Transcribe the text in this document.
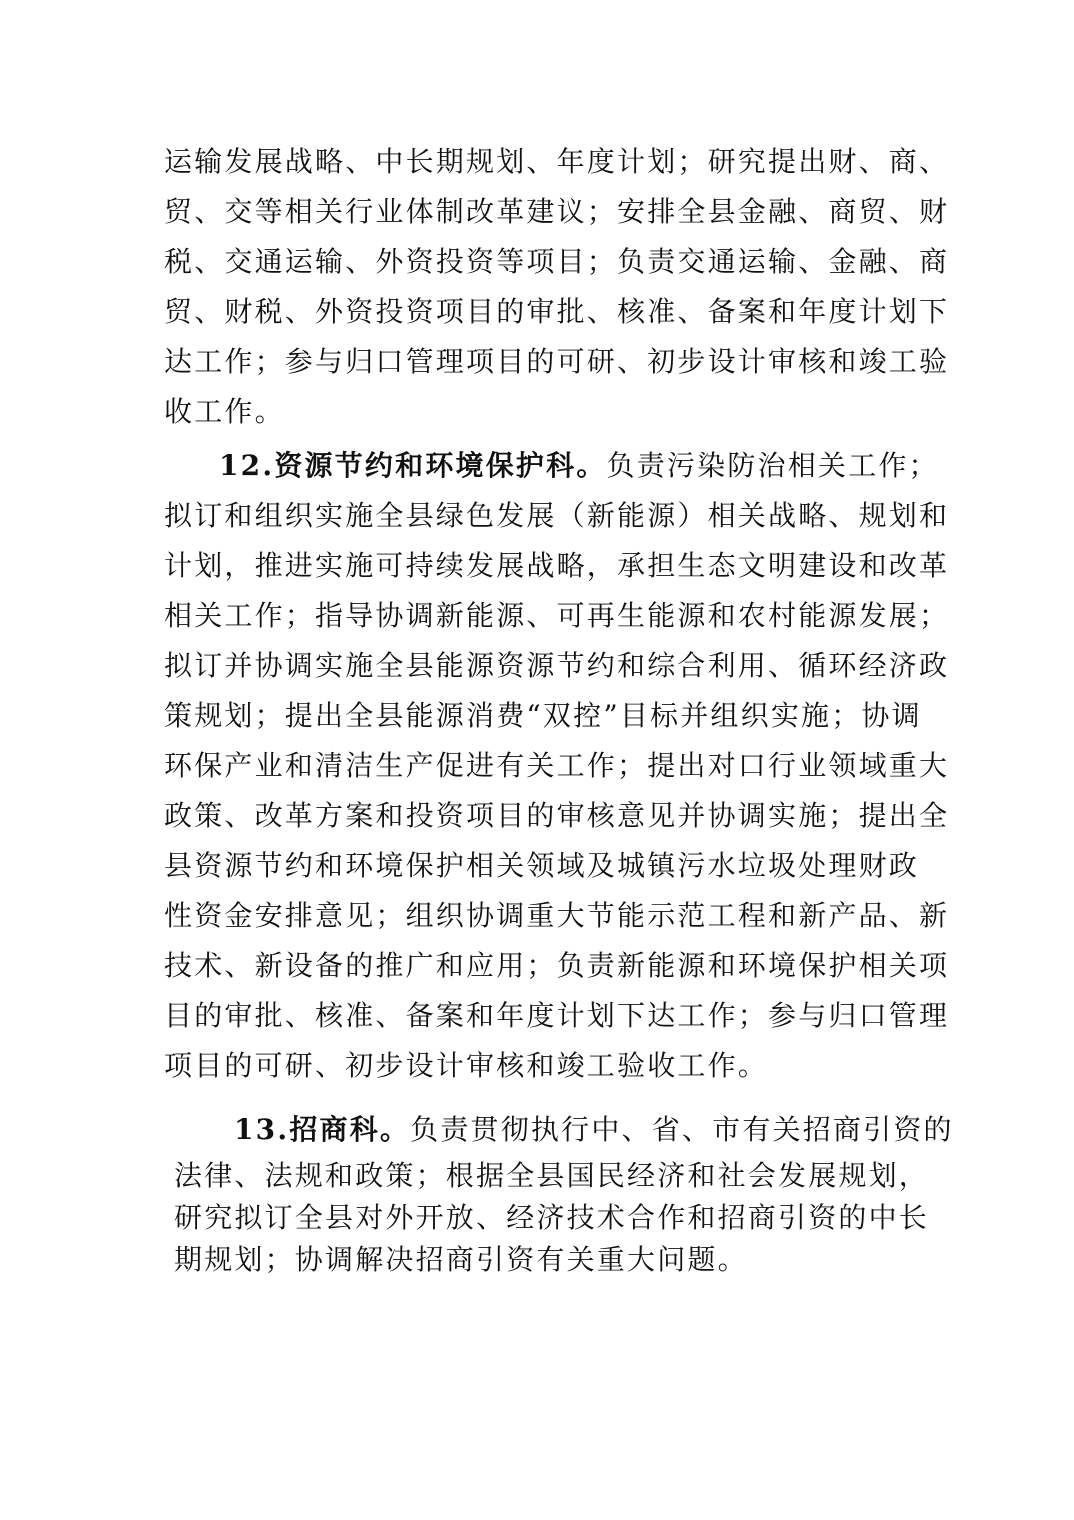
运输发展战略、中长期规划、年度计划；研究提出财、商、
贸、交等相关行业体制改革建议；安排全县金融、商贸、财
税、交通运输、外资投资等项目；负责交通运输、金融、商
贸、财税、外资投资项目的审批、核准、备案和年度计划下
达工作；参与归口管理项目的可研、初步设计审核和竣工验
收工作。
12.资源节约和环境保护科。负责污染防治相关工作；
拟订和组织实施全县绿色发展（新能源）相关战略、规划和
计划，推进实施可持续发展战略，承担生态文明建设和改革
相关工作；指导协调新能源、可再生能源和农村能源发展；
拟订并协调实施全县能源资源节约和综合利用、循环经济政
策规划；提出全县能源消费“双控”目标并组织实施；协调
环保产业和清洁生产促进有关工作；提出对口行业领域重大
政策、改革方案和投资项目的审核意见并协调实施；提出全
县资源节约和环境保护相关领域及城镇污水垃圾处理财政
性资金安排意见；组织协调重大节能示范工程和新产品、新
技术、新设备的推广和应用；负责新能源和环境保护相关项
目的审批、核准、备案和年度计划下达工作；参与归口管理
项目的可研、初步设计审核和竣工验收工作。
13.招商科。负责贯彻执行中、省、市有关招商引资的
法律、法规和政策；根据全县国民经济和社会发展规划，
研究拟订全县对外开放、经济技术合作和招商引资的中长
期规划；协调解决招商引资有关重大问题。
